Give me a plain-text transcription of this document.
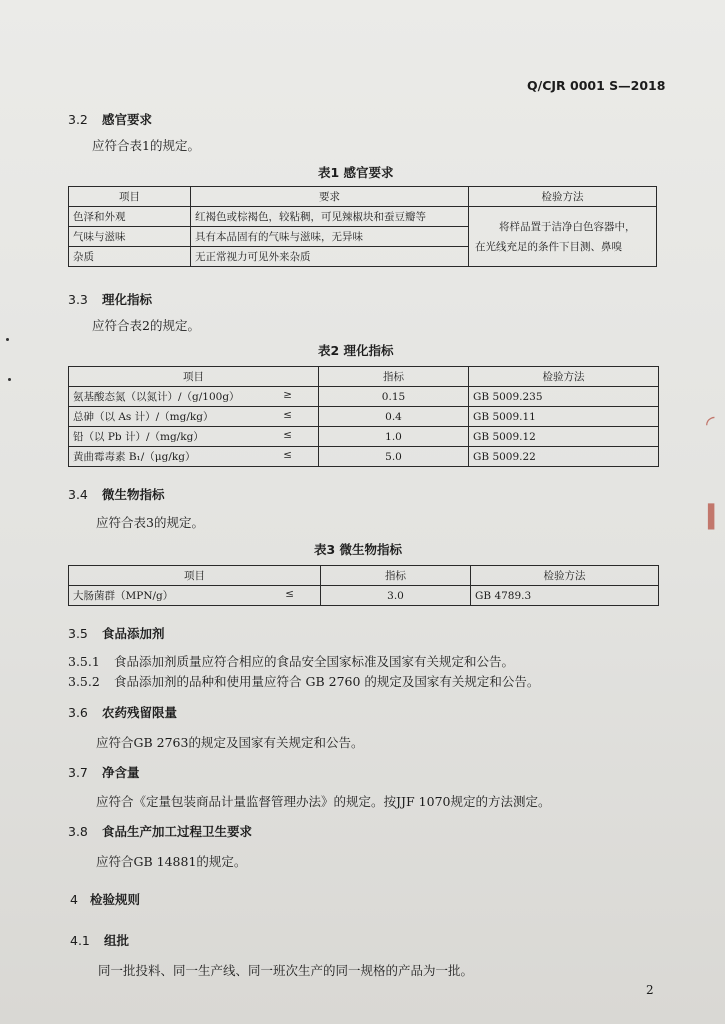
Q/CJR 0001 S—2018
3.2 感官要求
应符合表1的规定。
表1 感官要求
项目	要求	检验方法
色泽和外观	红褐色或棕褐色，较粘稠，可见辣椒块和蚕豆瓣等	将样品置于洁净白色容器中，
在光线充足的条件下目测、鼻嗅

气味与滋味	具有本品固有的气味与滋味，无异味	
杂质	无正常视力可见外来杂质	
3.3 理化指标
应符合表2的规定。
表2 理化指标
项目	指标	检验方法
氨基酸态氮（以氮计）/（g/100g） ≥	0.15	GB 5009.235
总砷（以 As 计）/（mg/kg） ≤	0.4	GB 5009.11
铅（以 Pb 计）/（mg/kg） ≤	1.0	GB 5009.12
黄曲霉毒素 B₁/（μg/kg） ≤	5.0	GB 5009.22
3.4 微生物指标
应符合表3的规定。
表3 微生物指标
项目	指标	检验方法
大肠菌群（MPN/g） ≤	3.0	GB 4789.3
3.5 食品添加剂
3.5.1 食品添加剂质量应符合相应的食品安全国家标准及国家有关规定和公告。
3.5.2 食品添加剂的品种和使用量应符合 GB 2760 的规定及国家有关规定和公告。
3.6 农药残留限量
应符合GB 2763的规定及国家有关规定和公告。
3.7 净含量
应符合《定量包装商品计量监督管理办法》的规定。按JJF 1070规定的方法测定。
3.8 食品生产加工过程卫生要求
应符合GB 14881的规定。
4 检验规则
4.1 组批
同一批投料、同一生产线、同一班次生产的同一规格的产品为一批。
2
◜
▍
